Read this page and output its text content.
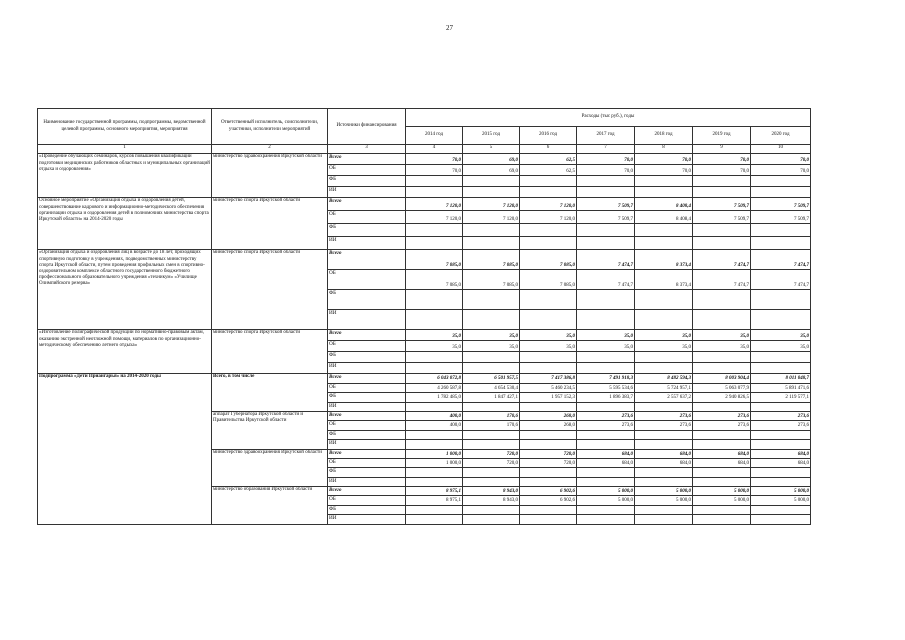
27
Наименование государственной программы, подпрограммы, ведомственной целевой программы, основного мероприятия, мероприятия	Ответственный исполнитель, соисполнители, участники, исполнители мероприятий	Источники финансирования	Расходы (тыс руб.), годы						
			2014 год	2015 год	2016 год	2017 год	2018 год	2019 год	2020 год
1	2	3	4	5	6	7	8	9	10
«Проведение обучающих семинаров, курсов повышения квалификации подготовки медицинских работников областных и муниципальных организаций отдыха и оздоровления»	министерство здравоохранения Иркутской области	Всего	70,0	69,0	62,5	70,0	70,0	70,0	70,0
		ОБ	70,0	69,0	62,5	70,0	70,0	70,0	70,0
		ФБ							
		ИИ							
Основное мероприятие «Организация отдыха и оздоровления детей, совершенствование кадрового и информационно-методического обеспечения организации отдыха и оздоровления детей в полномочиях министерства спорта Иркутской области» на 2014-2020 годы	министерство спорта Иркутской области	Всего	7 120,0	7 120,0	7 120,0	7 509,7	8 408,4	7 509,7	7 509,7
		ОБ	7 120,0	7 120,0	7 120,0	7 509,7	8 408,4	7 509,7	7 509,7
		ФБ							
		ИИ							
«Организация отдыха и оздоровления лиц в возрасте до 18 лет, проходящих спортивную подготовку в учреждениях, подведомственных министерству спорта Иркутской области, путем проведения профильных смен в спортивно-оздоровительном комплексе областного государственного бюджетного профессионального образовательного учреждения «техникум» «Училище Олимпийского резерва»	министерство спорта Иркутской области	Всего	7 085,0	7 085,0	7 085,0	7 474,7	8 373,4	7 474,7	7 474,7
		ОБ	7 085,0	7 085,0	7 085,0	7 474,7	8 373,4	7 474,7	7 474,7
		ФБ							
		ИИ							
«Изготовление полиграфической продукции по нормативно-правовым актам, оказанию экстренной неотложной помощи, материалов по организационно-методическому обеспечению летнего отдыха»	министерство спорта Иркутской области	Всего	35,0	35,0	35,0	35,0	35,0	35,0	35,0
		ОБ	35,0	35,0	35,0	35,0	35,0	35,0	35,0
		ФБ							
		ИИ							
Подпрограмма «Дети Приангарья» на 2014-2020 годы	Всего, в том числе	Всего	6 043 072,8	6 501 957,5	7 417 386,8	7 491 918,3	8 482 594,3	8 003 904,4	8 011 048,7
		ОБ	4 260 587,8	4 654 530,4	5 460 234,5	5 595 534,6	5 724 957,1	5 063 077,9	5 891 471,6
		ФБ	1 782 485,0	1 847 427,1	1 957 152,3	1 896 383,7	2 557 637,2	2 940 826,5	2 119 577,1
		ИИ							
	аппарат Губернатора Иркутской области и Правительства Иркутской области	Всего	400,0	170,6	268,0	273,6	273,6	273,6	273,6
		ОБ	400,0	170,6	268,0	273,6	273,6	273,6	273,6
		ФБ							
		ИИ							
	министерство здравоохранения Иркутской области	Всего	1 000,0	720,0	720,0	684,0	684,0	684,0	684,0
		ОБ	1 000,0	720,0	720,0	684,0	684,0	684,0	684,0
		ФБ							
		ИИ							
	министерство образования Иркутской области	Всего	8 975,1	8 943,0	6 902,6	5 000,0	5 000,0	5 000,0	5 000,0
		ОБ	8 975,1	8 943,0	6 902,6	5 000,0	5 000,0	5 000,0	5 000,0
		ФБ							
		ИИ							
